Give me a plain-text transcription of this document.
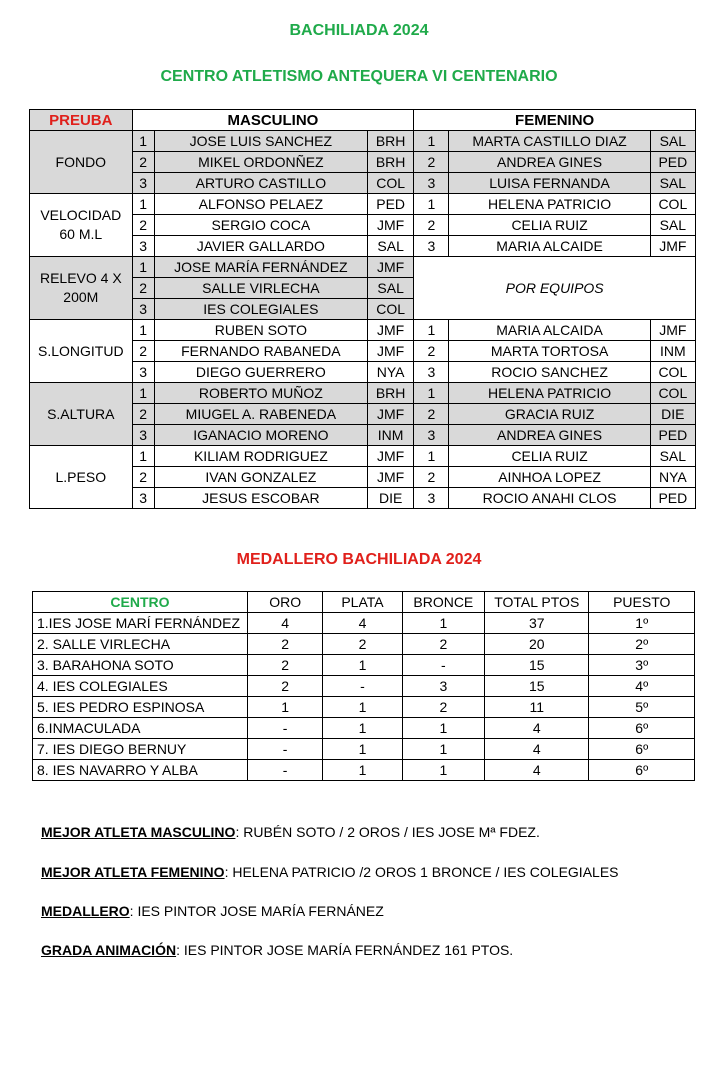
BACHILIADA 2024
CENTRO ATLETISMO ANTEQUERA VI CENTENARIO
PREUBA	MASCULINO			FEMENINO		
FONDO	1	JOSE LUIS SANCHEZ	BRH	1	MARTA CASTILLO DIAZ	SAL
	2	MIKEL ORDONÑEZ	BRH	2	ANDREA GINES	PED
	3	ARTURO CASTILLO	COL	3	LUISA FERNANDA	SAL
VELOCIDAD 60 M.L	1	ALFONSO PELAEZ	PED	1	HELENA PATRICIO	COL
	2	SERGIO COCA	JMF	2	CELIA RUIZ	SAL
	3	JAVIER GALLARDO	SAL	3	MARIA ALCAIDE	JMF
RELEVO 4 X 200M	1	JOSE MARÍA FERNÁNDEZ	JMF	POR EQUIPOS		
	2	SALLE VIRLECHA	SAL			
	3	IES COLEGIALES	COL			
S.LONGITUD	1	RUBEN SOTO	JMF	1	MARIA ALCAIDA	JMF
	2	FERNANDO RABANEDA	JMF	2	MARTA TORTOSA	INM
	3	DIEGO GUERRERO	NYA	3	ROCIO SANCHEZ	COL
S.ALTURA	1	ROBERTO MUÑOZ	BRH	1	HELENA PATRICIO	COL
	2	MIUGEL A. RABENEDA	JMF	2	GRACIA RUIZ	DIE
	3	IGANACIO MORENO	INM	3	ANDREA GINES	PED
L.PESO	1	KILIAM RODRIGUEZ	JMF	1	CELIA RUIZ	SAL
	2	IVAN GONZALEZ	JMF	2	AINHOA LOPEZ	NYA
	3	JESUS ESCOBAR	DIE	3	ROCIO ANAHI CLOS	PED
MEDALLERO BACHILIADA 2024
CENTRO	ORO	PLATA	BRONCE	TOTAL PTOS	PUESTO
1.IES JOSE MARÍ FERNÁNDEZ	4	4	1	37	1º
2. SALLE VIRLECHA	2	2	2	20	2º
3. BARAHONA SOTO	2	1	-	15	3º
4. IES COLEGIALES	2	-	3	15	4º
5. IES PEDRO ESPINOSA	1	1	2	11	5º
6.INMACULADA	-	1	1	4	6º
7. IES DIEGO BERNUY	-	1	1	4	6º
8. IES NAVARRO Y ALBA	-	1	1	4	6º
MEJOR ATLETA MASCULINO: RUBÉN SOTO / 2 OROS / IES JOSE Mª FDEZ.
MEJOR ATLETA FEMENINO: HELENA PATRICIO /2 OROS 1 BRONCE / IES COLEGIALES
MEDALLERO: IES PINTOR JOSE MARÍA FERNÁNEZ
GRADA ANIMACIÓN: IES PINTOR JOSE MARÍA FERNÁNDEZ 161 PTOS.
